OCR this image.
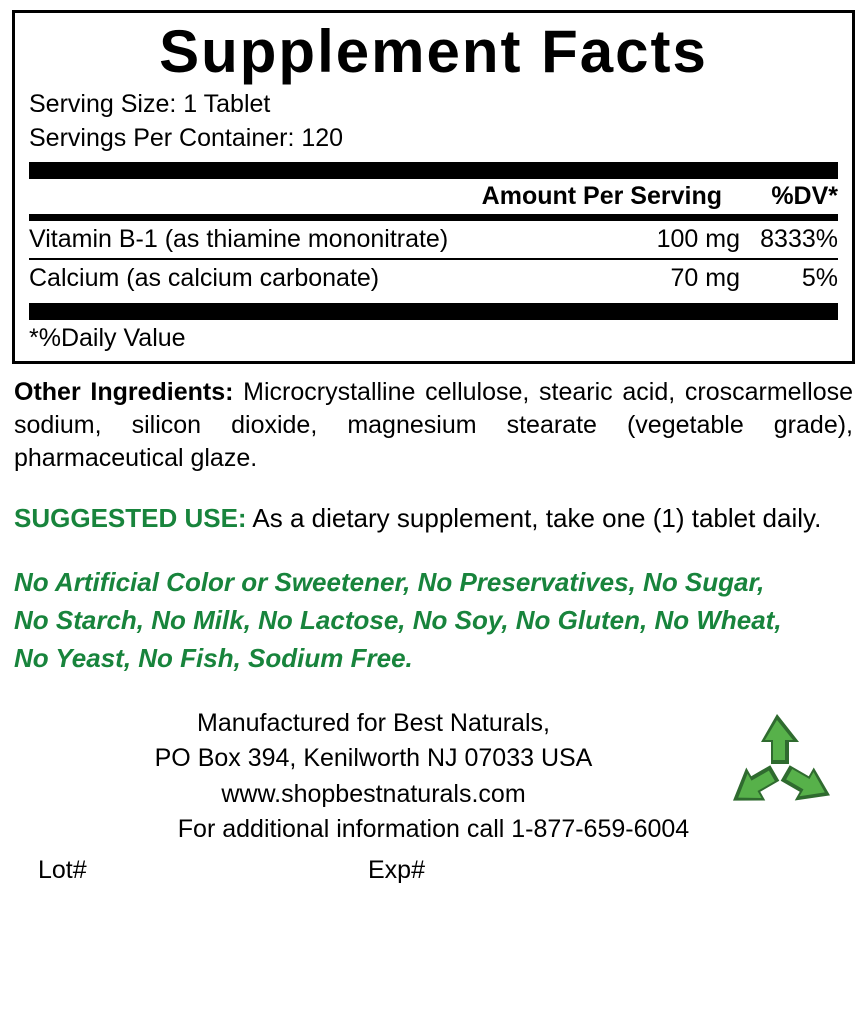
Supplement Facts
Serving Size: 1 Tablet
Servings Per Container: 120
Amount Per Serving	%DV*
Vitamin B-1 (as thiamine mononitrate)	100 mg 8333%
Calcium (as calcium carbonate)	70 mg	5%
*%Daily Value
Other Ingredients: Microcrystalline cellulose, stearic acid, croscarmellose sodium, silicon dioxide, magnesium stearate (vegetable grade), pharmaceutical glaze.
SUGGESTED USE: As a dietary supplement, take one (1) tablet daily.
No Artificial Color or Sweetener, No Preservatives, No Sugar,
No Starch, No Milk, No Lactose, No Soy, No Gluten, No Wheat,
No Yeast, No Fish, Sodium Free.
Manufactured for Best Naturals,
PO Box 394, Kenilworth NJ 07033 USA
www.shopbestnaturals.com
For additional information call 1-877-659-6004
Lot#	Exp#
